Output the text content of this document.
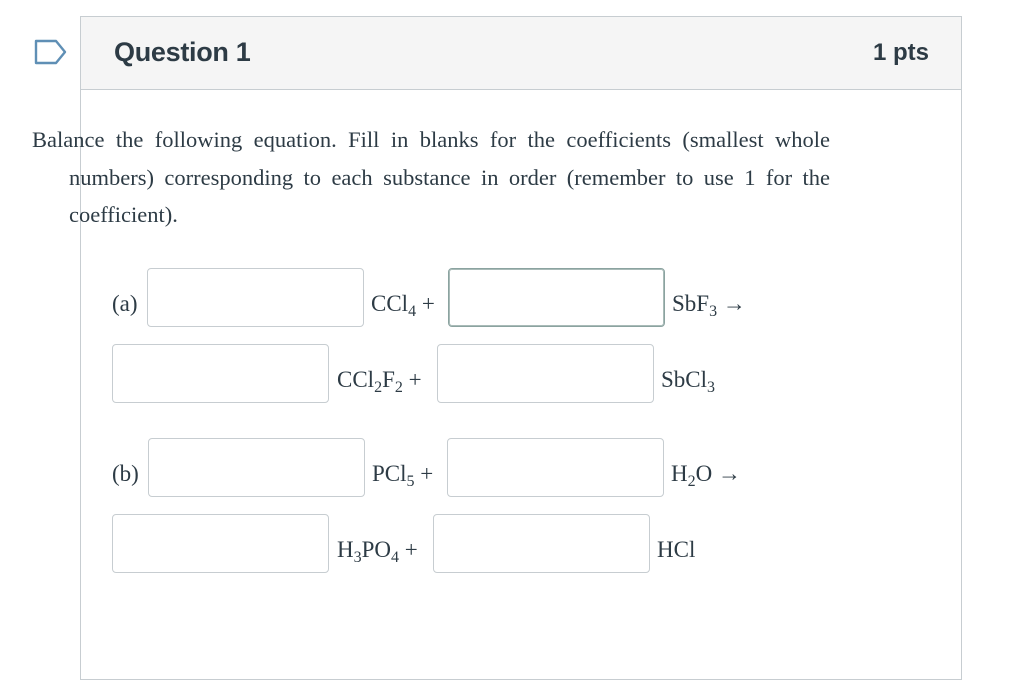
Question 1	1 pts
Balance the following equation. Fill in blanks for the coefficients (smallest whole numbers) corresponding to each substance in order (remember to use 1 for the coefficient).
(a)	CCl$_4$ +	SbF$_3$ →
$CCl_2F_2$ +	SbCl$_3$
(b)	PCl$_5$ +	$H_2O$ →
$H_3PO_4$ +	HCl
